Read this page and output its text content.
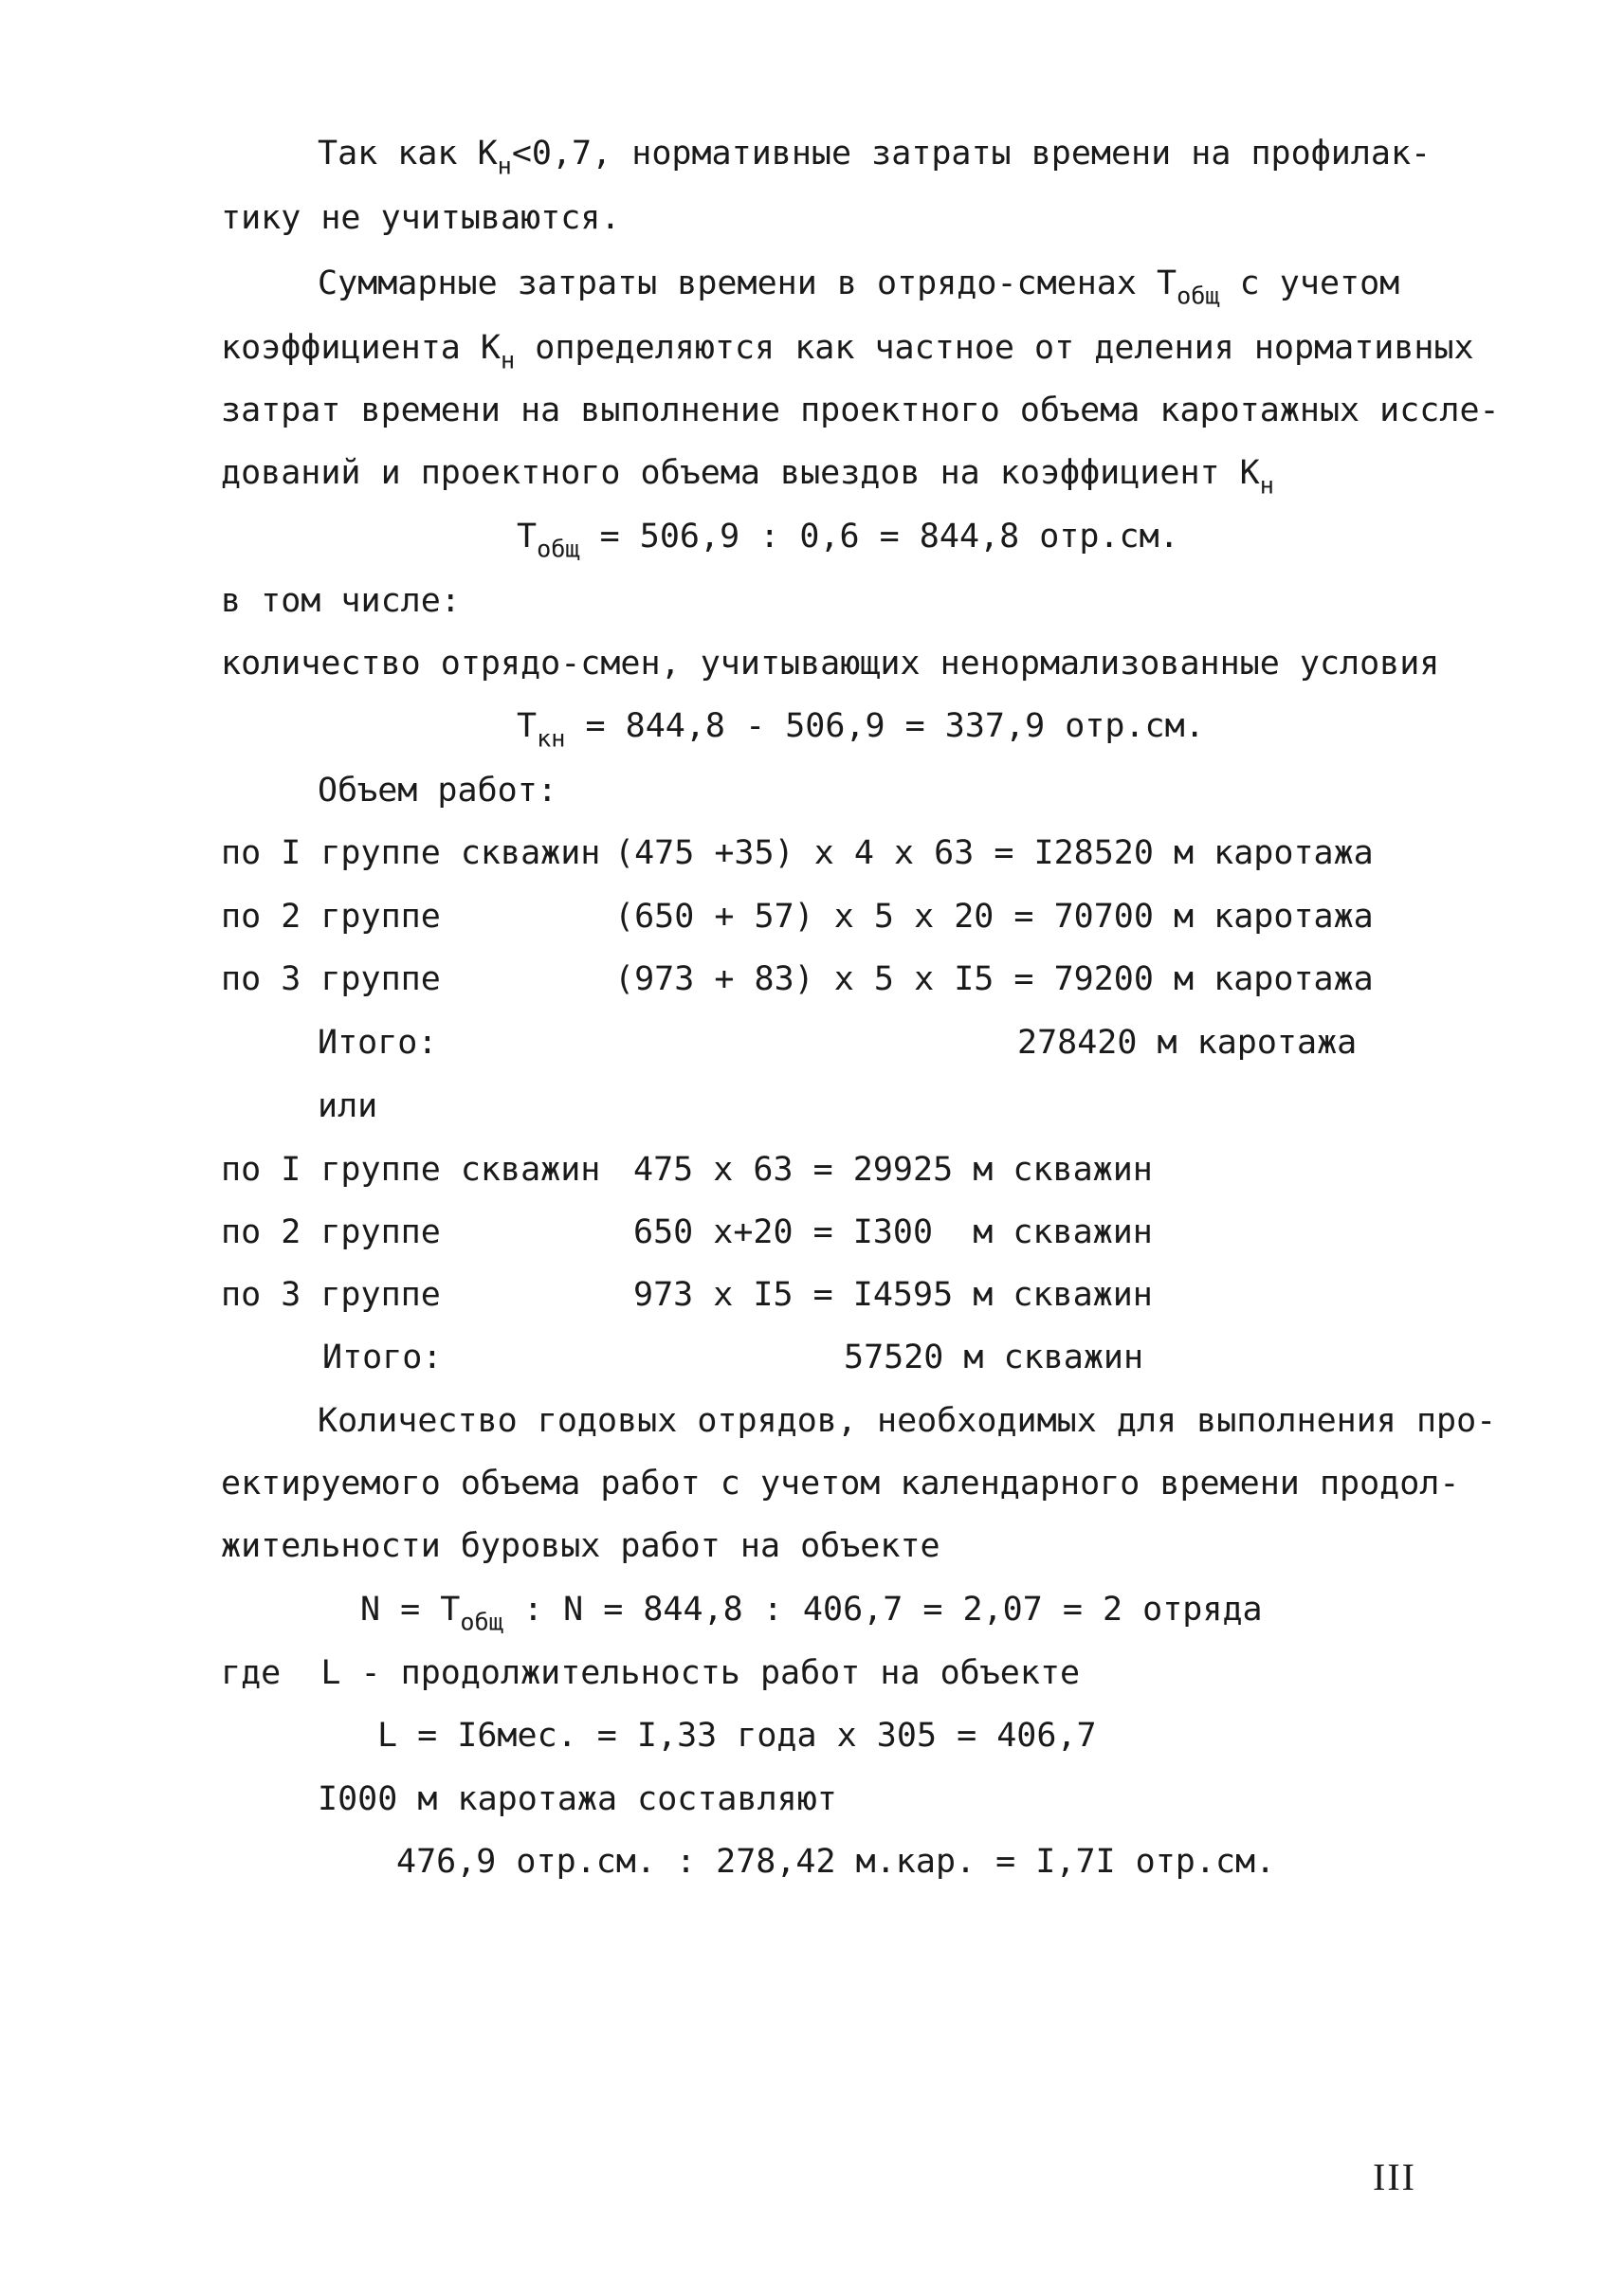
Так как $К_н<0,7$, нормативные затраты времени на профилак-
тику не учитываются.
Суммарные затраты времени в отрядо-сменах $Т_{общ}$ с учетом
коэффициента $К_н$ определяются как частное от деления нормативных
затрат времени на выполнение проектного объема каротажных иссле-
дований и проектного объема выездов на коэффициент $К_н$
$Т_{общ} = 506,9$ : 0,6 = 844,8 отр.см.
в том числе:
количество отрядо-смен, учитывающих ненормализованные условия
$Т_{кн} = 844,8 - 506,9 = 337,9$ отр.см.
Объем работ:
по I группе скважин (475 +35) х 4 х 63 = I28520 м каротажа
по 2 группе	(650 + 57) х 5 х 20 = 70700 м каротажа
по 3 группе	(973 + 83) х 5 х I5 = 79200 м каротажа
Итого:	278420 м каротажа
или
по I группе скважин 475 х 63 = 29925 м скважин
по 2 группе	650 х+20 = I300  м скважин
по 3 группе	973 х I5 = I4595 м скважин
Итого:	57520 м скважин
Количество годовых отрядов, необходимых для выполнения про-
ектируемого объема работ с учетом календарного времени продол-
жительности буровых работ на объекте
$N = Т_{общ}$ : N = 844,8 : 406,7 = 2,07 = 2 отряда
где  L - продолжительность работ на объекте
L = I6мес. = I,33 года х 305 = 406,7
I000 м каротажа составляют
476,9 отр.см. : 278,42 м.кар. = I,7I отр.см.
III
